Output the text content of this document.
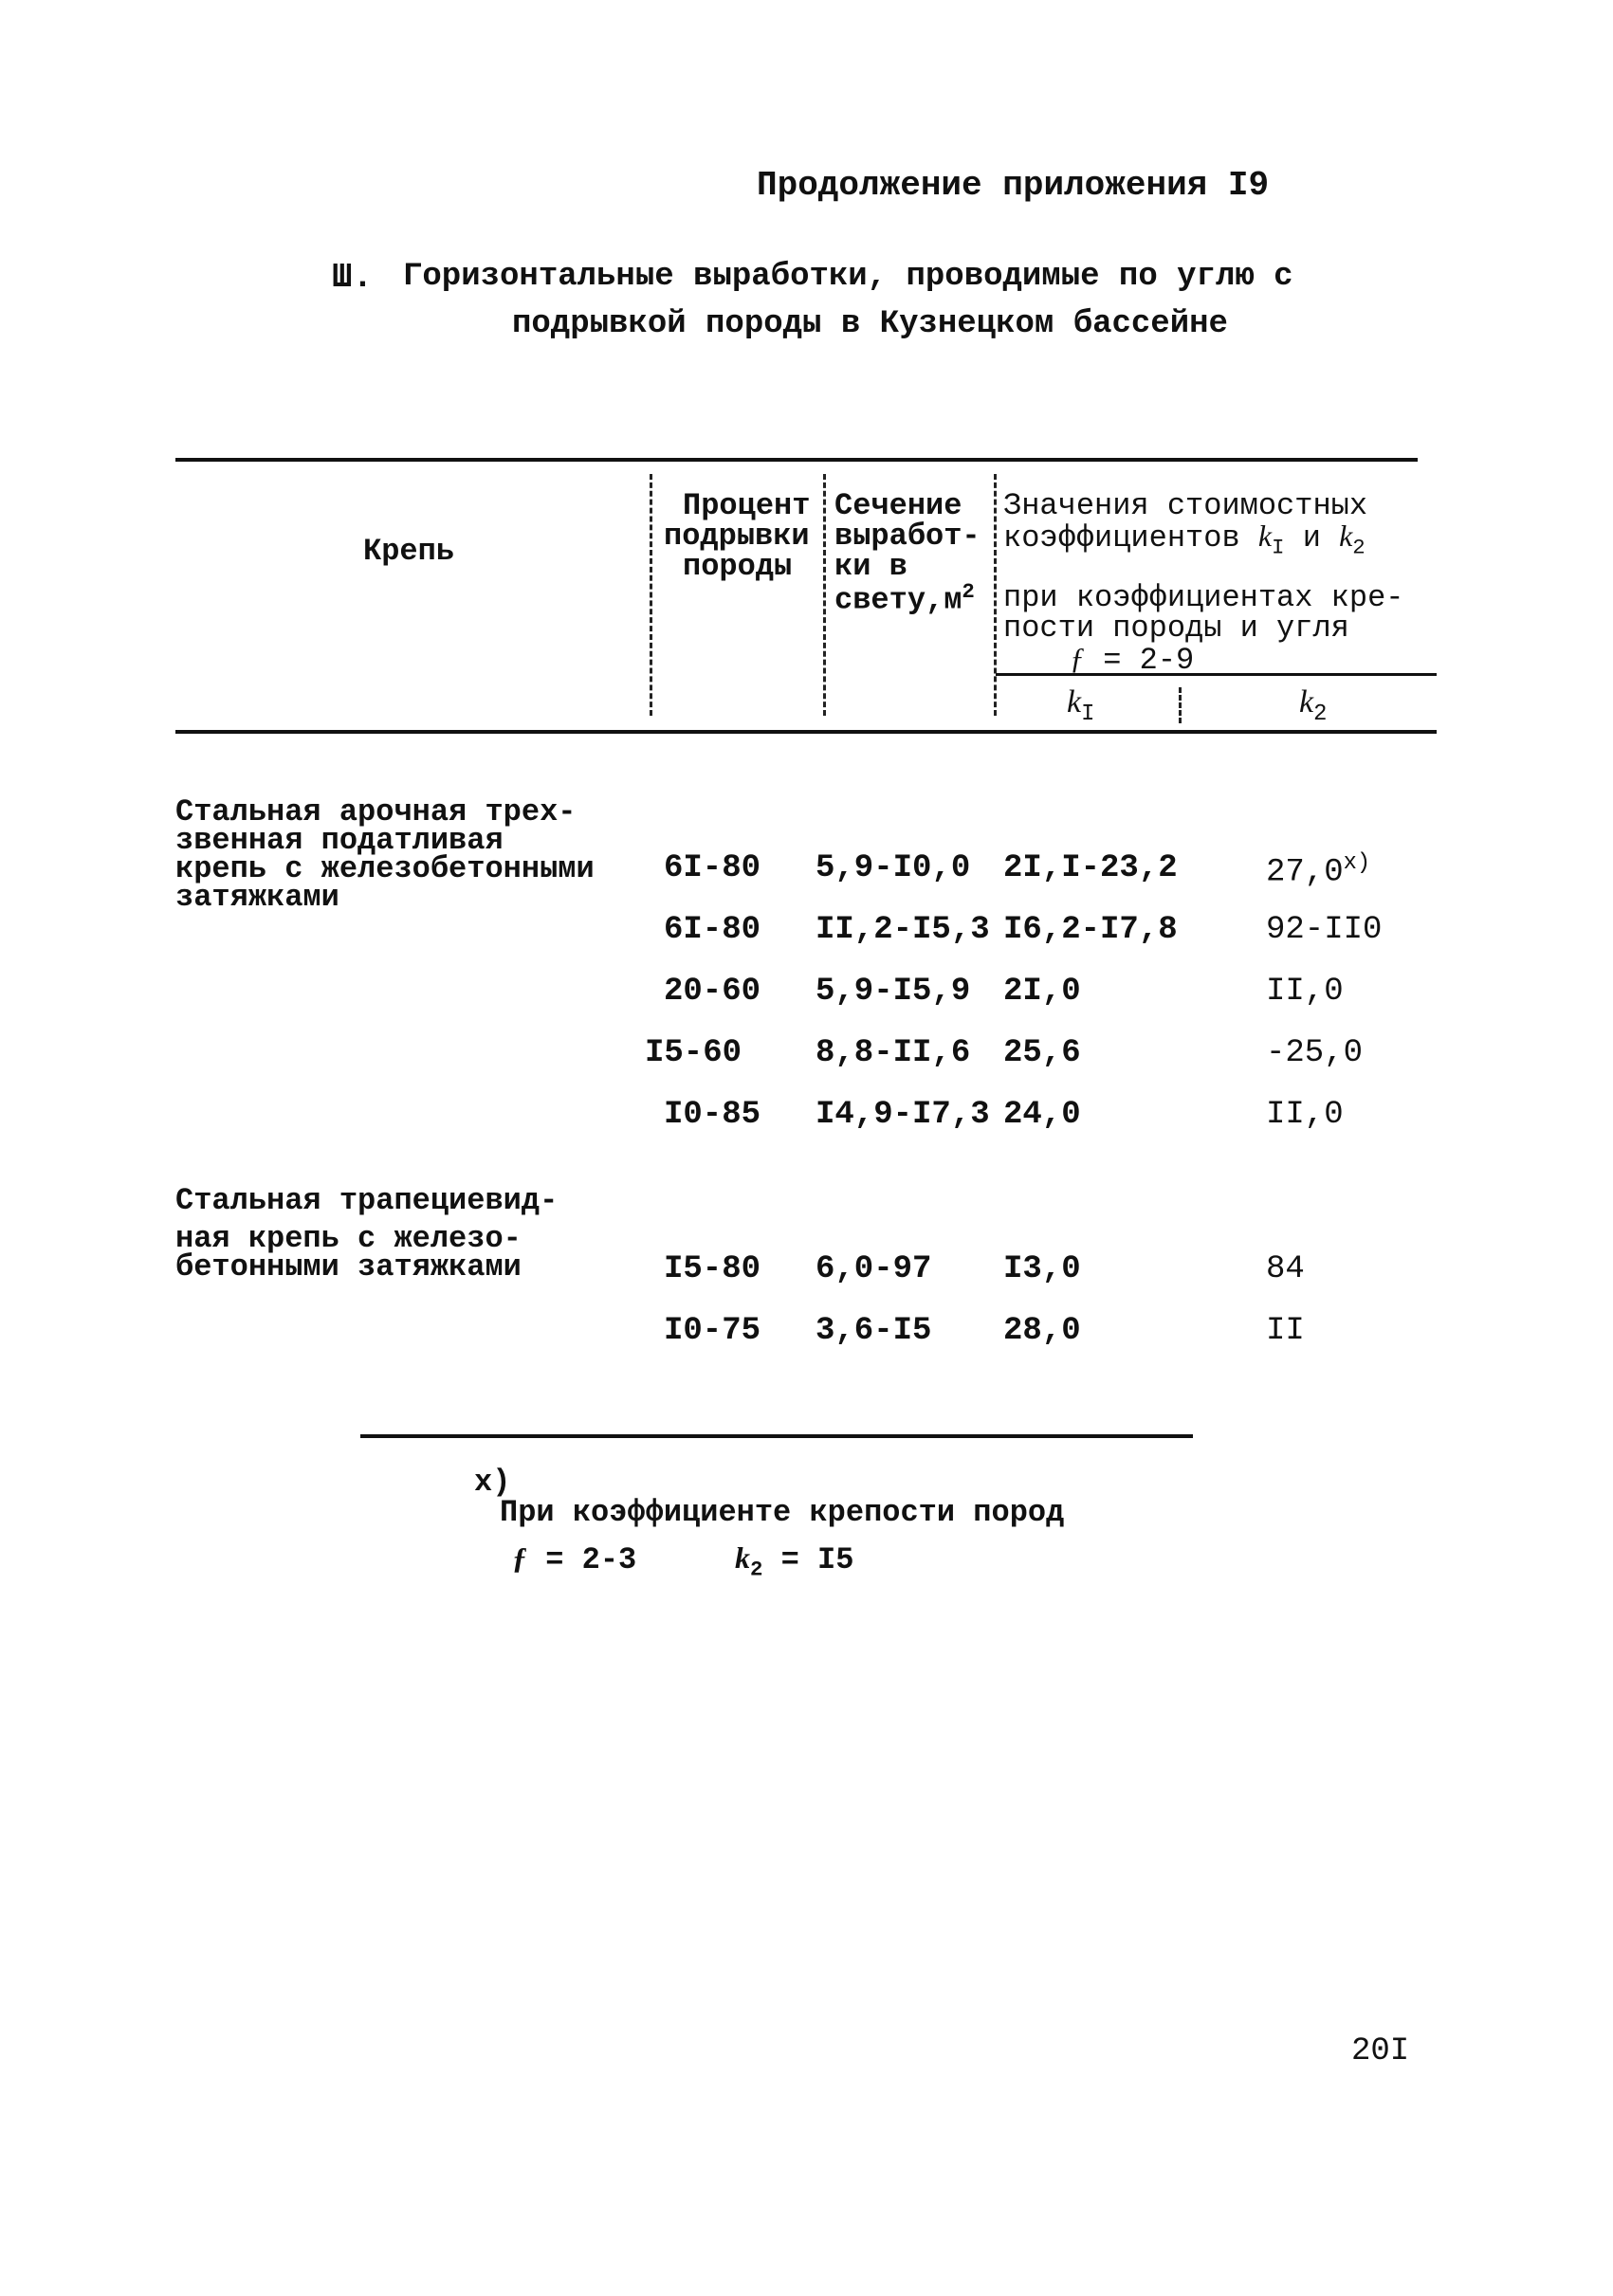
Продолжение приложения I9
Ш. Горизонтальные выработки, проводимые по углю с
подрывкой породы в Кузнецком бассейне
Крепь
Процент
подрывки
породы
Сечение
выработ-
ки в
$свету,м^2$
Значения стоимостных
коэффициентов $k_I$ и $k_2$
при коэффициентах кре-
пости породы и угля
ƒ = 2-9
$k_I$	$k_2$
Стальная арочная трех-
звенная податливая
крепь с железобетонными
затяжками
6I-80 5,9-I0,0 2I,I-23,2	27,0$^{x)}$
6I-80 II,2-I5,3 I6,2-I7,8	92-II0
20-60 5,9-I5,9 2I,0	II,0
I5-60 8,8-II,6 25,6	-25,0
I0-85 I4,9-I7,3 24,0	II,0
Стальная трапециевид-
ная крепь с железо-
бетонными затяжками	I5-80 6,0-97 I3,0	84
I0-75 3,6-I5 28,0	II
x)
При коэффициенте крепости пород
ƒ = 2-3	$k_2 = I5$
20I
